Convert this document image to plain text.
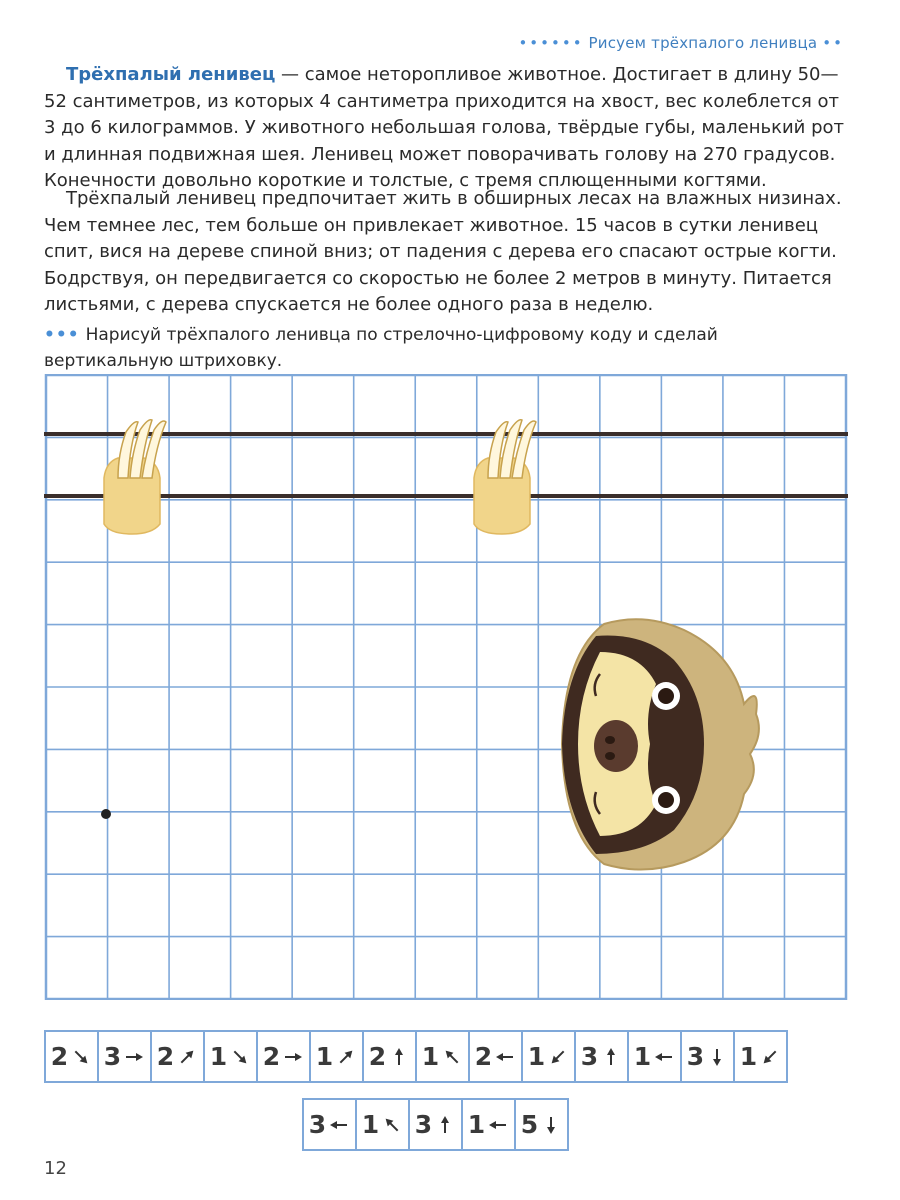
•••••• Рисуем трёхпалого ленивца ••

Трёхпалый ленивец — самое неторопливое животное. Достигает в длину 50—52 сантиметров, из которых 4 сантиметра приходится на хвост, вес колеблется от 3 до 6 килограммов. У животного небольшая голова, твёрдые губы, маленький рот и длинная подвижная шея. Ленивец может поворачивать голову на 270 градусов. Конечности довольно короткие и толстые, с тремя сплющенными когтями.

Трёхпалый ленивец предпочитает жить в обширных лесах на влажных низинах. Чем темнее лес, тем больше он привлекает животное. 15 часов в сутки ленивец спит, вися на дереве спиной вниз; от падения с дерева его спасают острые когти. Бодрствуя, он передвигается со скоростью не более 2 метров в минуту. Питается листьями, с дерева спускается не более одного раза в неделю.

••• Нарисуй трёхпалого ленивца по стрелочно-цифровому коду и сделай вертикальную штриховку.
2 3 2 1 2 1 2 1 2 1 3 1 3 1
3 1 3 1 5
12
